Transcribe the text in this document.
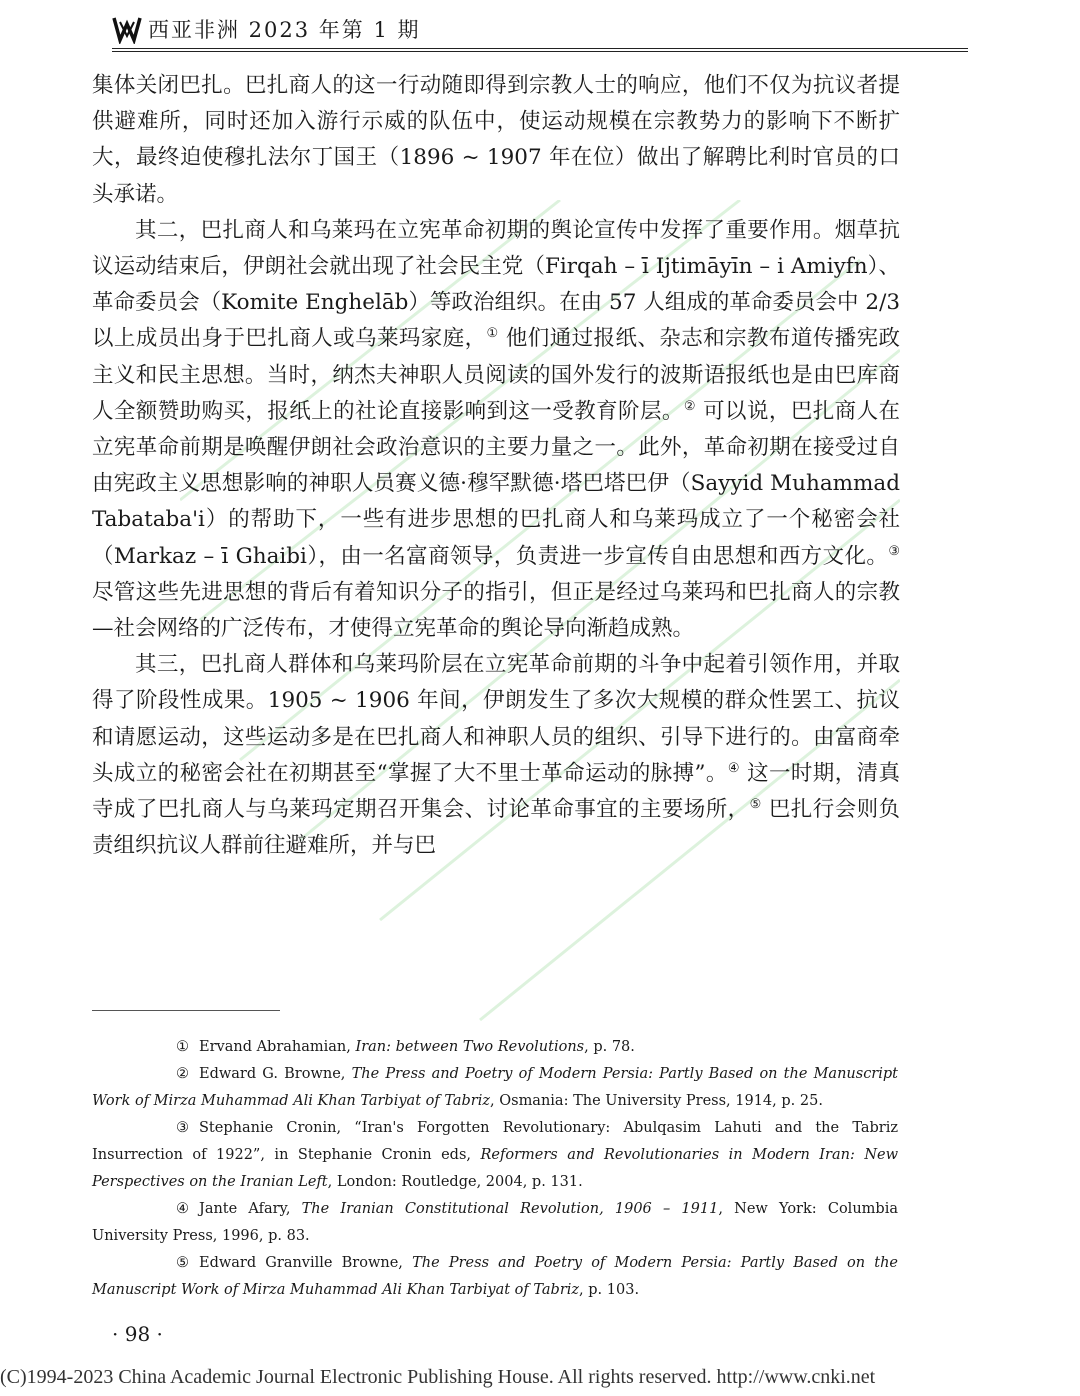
西亚非洲 2023 年第 1 期

集体关闭巴扎。巴扎商人的这一行动随即得到宗教人士的响应，他们不仅为抗议者提供避难所，同时还加入游行示威的队伍中，使运动规模在宗教势力的影响下不断扩大，最终迫使穆扎法尔丁国王（1896 ~ 1907 年在位）做出了解聘比利时官员的口头承诺。

其二，巴扎商人和乌莱玛在立宪革命初期的舆论宣传中发挥了重要作用。烟草抗议运动结束后，伊朗社会就出现了社会民主党（Firqah – ī Ijtimāyīn – i Amiyfn）、革命委员会（Komite Enghelāb）等政治组织。在由 57 人组成的革命委员会中 2/3 以上成员出身于巴扎商人或乌莱玛家庭，① 他们通过报纸、杂志和宗教布道传播宪政主义和民主思想。当时，纳杰夫神职人员阅读的国外发行的波斯语报纸也是由巴库商人全额赞助购买，报纸上的社论直接影响到这一受教育阶层。② 可以说，巴扎商人在立宪革命前期是唤醒伊朗社会政治意识的主要力量之一。此外，革命初期在接受过自由宪政主义思想影响的神职人员赛义德·穆罕默德·塔巴塔巴伊（Sayyid Muhammad Tabataba'i）的帮助下，一些有进步思想的巴扎商人和乌莱玛成立了一个秘密会社（Markaz – ī Ghaibi），由一名富商领导，负责进一步宣传自由思想和西方文化。③ 尽管这些先进思想的背后有着知识分子的指引，但正是经过乌莱玛和巴扎商人的宗教—社会网络的广泛传布，才使得立宪革命的舆论导向渐趋成熟。

其三，巴扎商人群体和乌莱玛阶层在立宪革命前期的斗争中起着引领作用，并取得了阶段性成果。1905 ~ 1906 年间，伊朗发生了多次大规模的群众性罢工、抗议和请愿运动，这些运动多是在巴扎商人和神职人员的组织、引导下进行的。由富商牵头成立的秘密会社在初期甚至“掌握了大不里士革命运动的脉搏”。④ 这一时期，清真寺成了巴扎商人与乌莱玛定期召开集会、讨论革命事宜的主要场所，⑤ 巴扎行会则负责组织抗议人群前往避难所，并与巴

① Ervand Abrahamian, Iran: between Two Revolutions, p. 78.

② Edward G. Browne, The Press and Poetry of Modern Persia: Partly Based on the Manuscript Work of Mirza Muhammad Ali Khan Tarbiyat of Tabriz, Osmania: The University Press, 1914, p. 25.

③ Stephanie Cronin, “Iran's Forgotten Revolutionary: Abulqasim Lahuti and the Tabriz Insurrection of 1922”, in Stephanie Cronin eds, Reformers and Revolutionaries in Modern Iran: New Perspectives on the Iranian Left, London: Routledge, 2004, p. 131.

④ Jante Afary, The Iranian Constitutional Revolution, 1906 – 1911, New York: Columbia University Press, 1996, p. 83.

⑤ Edward Granville Browne, The Press and Poetry of Modern Persia: Partly Based on the Manuscript Work of Mirza Muhammad Ali Khan Tarbiyat of Tabriz, p. 103.

· 98 ·
(C)1994-2023 China Academic Journal Electronic Publishing House. All rights reserved. http://www.cnki.net
